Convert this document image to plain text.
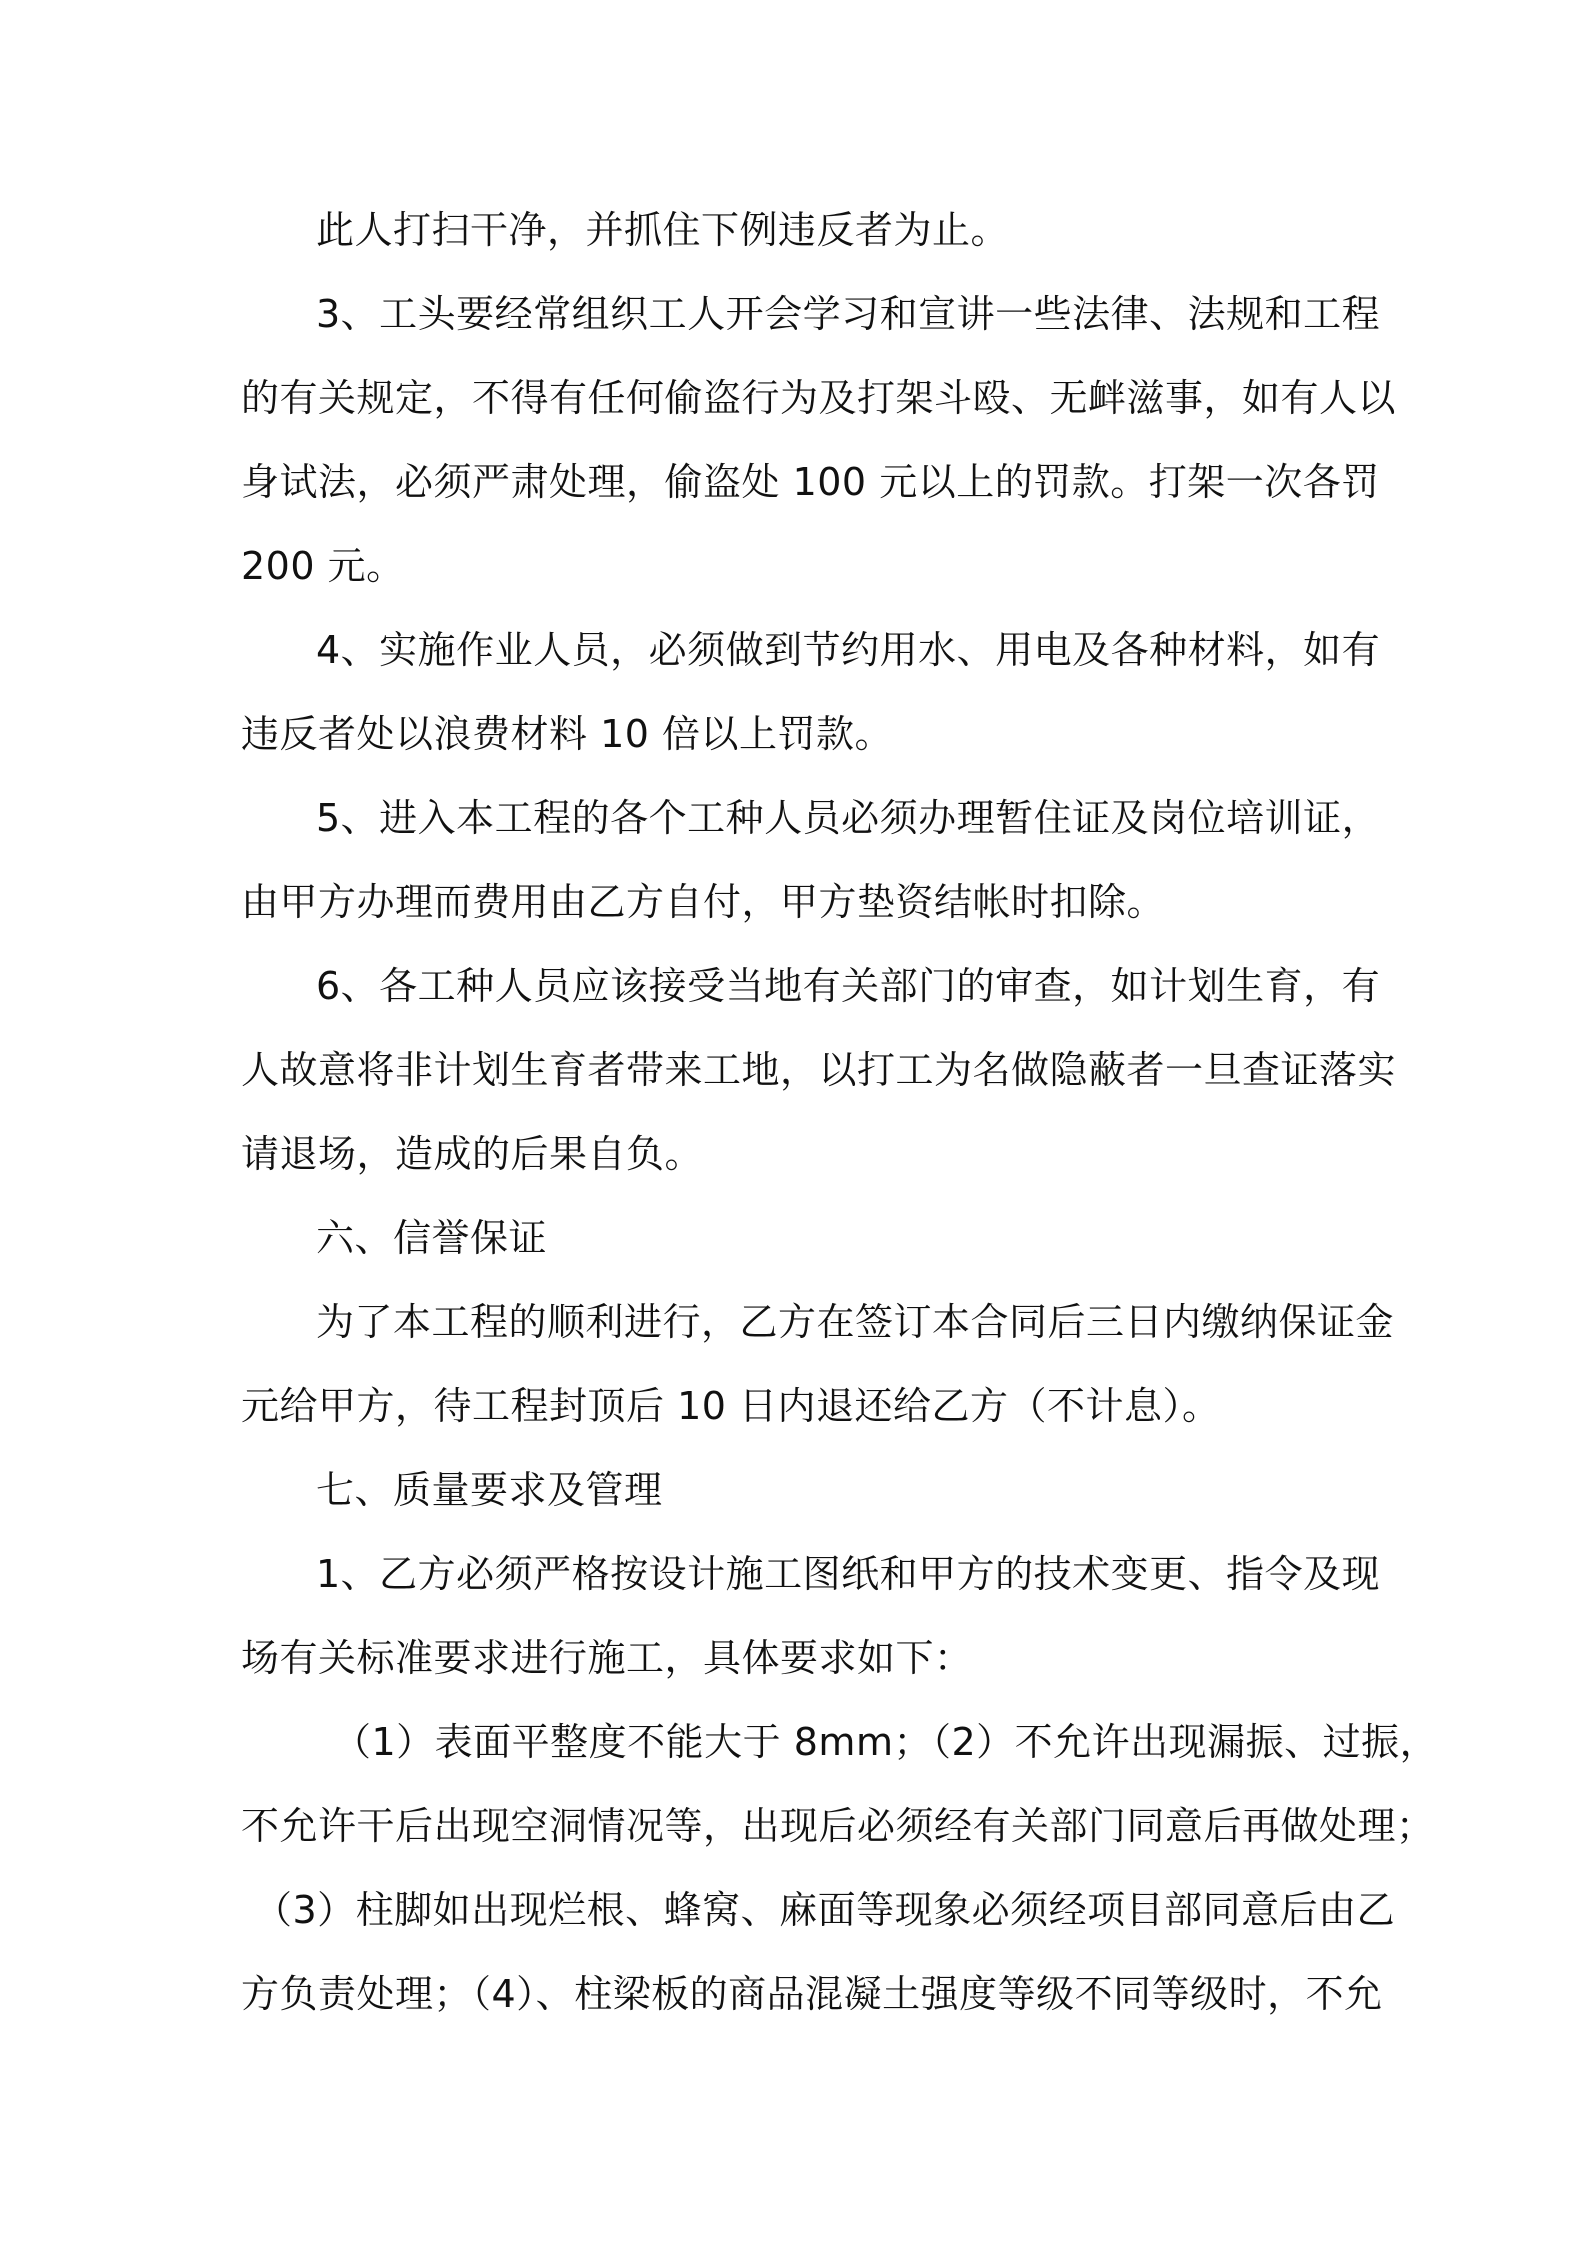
此人打扫干净，并抓住下例违反者为止。
3、工头要经常组织工人开会学习和宣讲一些法律、法规和工程
的有关规定，不得有任何偷盗行为及打架斗殴、无衅滋事，如有人以
身试法，必须严肃处理，偷盗处 100 元以上的罚款。打架一次各罚
200 元。
4、实施作业人员，必须做到节约用水、用电及各种材料，如有
违反者处以浪费材料 10 倍以上罚款。
5、进入本工程的各个工种人员必须办理暂住证及岗位培训证，
由甲方办理而费用由乙方自付，甲方垫资结帐时扣除。
6、各工种人员应该接受当地有关部门的审查，如计划生育，有
人故意将非计划生育者带来工地，以打工为名做隐蔽者一旦查证落实
请退场，造成的后果自负。
六、信誉保证
为了本工程的顺利进行，乙方在签订本合同后三日内缴纳保证金
元给甲方，待工程封顶后 10 日内退还给乙方（不计息）。
七、质量要求及管理
1、乙方必须严格按设计施工图纸和甲方的技术变更、指令及现
场有关标准要求进行施工，具体要求如下：
（1）表面平整度不能大于 8mm；（2）不允许出现漏振、过振，
不允许干后出现空洞情况等，出现后必须经有关部门同意后再做处理；
（3）柱脚如出现烂根、蜂窝、麻面等现象必须经项目部同意后由乙
方负责处理；（4）、柱梁板的商品混凝土强度等级不同等级时，不允
